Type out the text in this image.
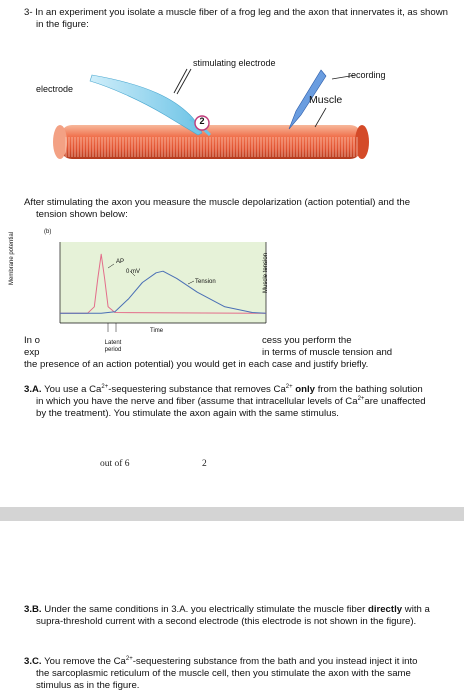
3- In an experiment you isolate a muscle fiber of a frog leg and the axon that innervates it, as shown in the figure:
stimulating electrode
electrode
recording
Muscle
2
After stimulating the axon you measure the muscle depolarization (action potential) and the tension shown below:
(b)
Membrane potential	Muscle tension
AP
0 mV
Tension
Time
Latent period
In o	cess you perform the
exp	in terms of muscle tension and
the presence of an action potential) you would get in each case and justify briefly.
3.A. You use a $Ca^{2+}$-sequestering substance that removes $Ca^{2+}$ only from the bathing solution in which you have the nerve and fiber (assume that intracellular levels of $Ca^{2+}are$ unaffected by the treatment). You stimulate the axon again with the same stimulus.
out of 6	2
3.B. Under the same conditions in 3.A. you electrically stimulate the muscle fiber directly with a supra-threshold current with a second electrode (this electrode is not shown in the figure).
3.C. You remove the $Ca^{2+}$-sequestering substance from the bath and you instead inject it into the sarcoplasmic reticulum of the muscle cell, then you stimulate the axon with the same stimulus as in the figure.
